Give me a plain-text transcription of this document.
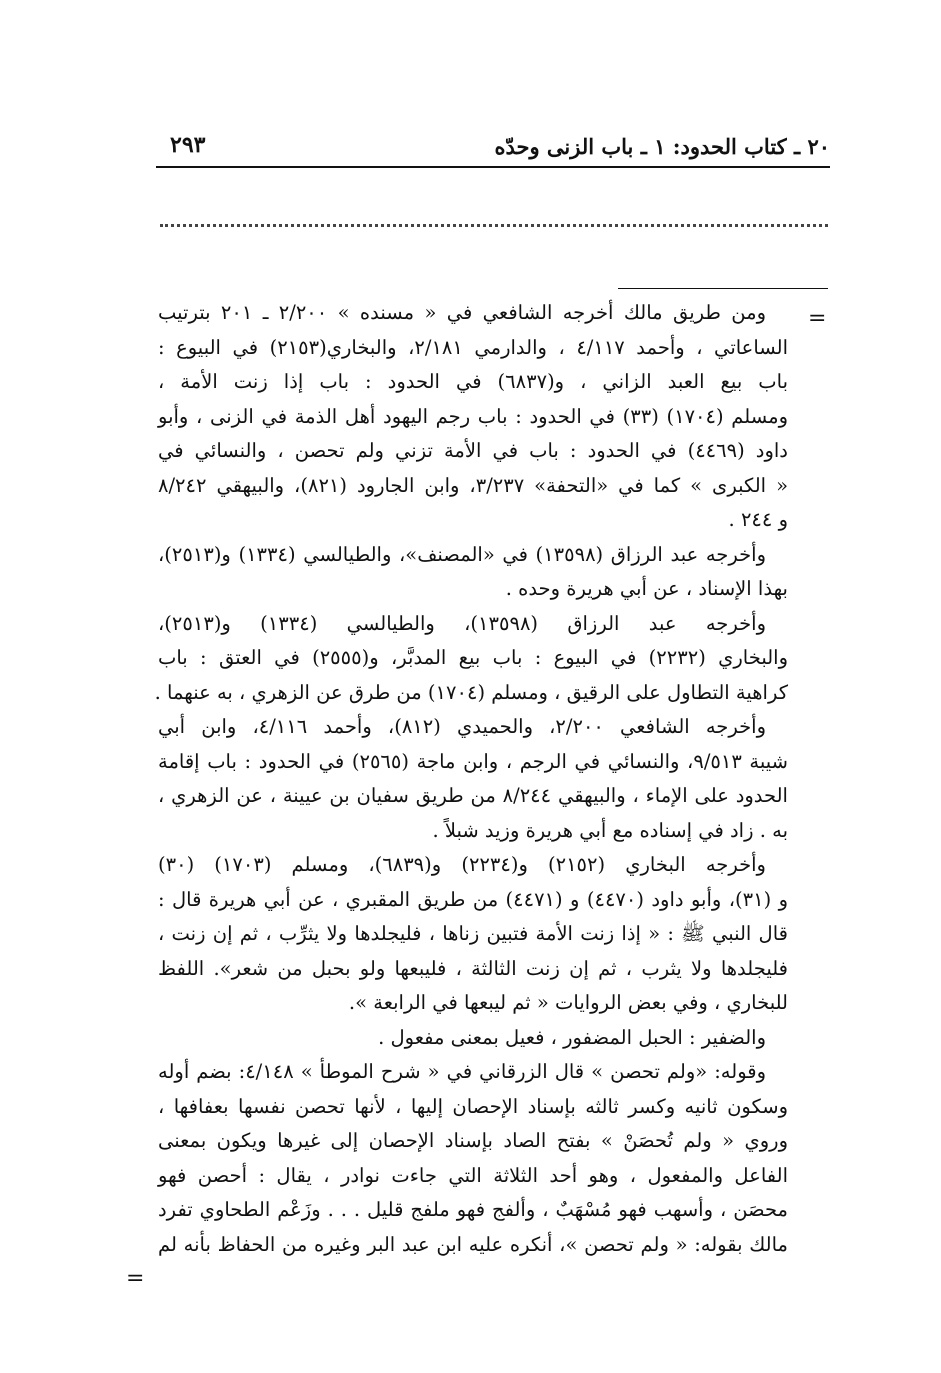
٢٠ ـ كتاب الحدود: ١ ـ باب الزنى وحدّه
٢٩٣
=
=
ومن طريق مالك أخرجه الشافعي في « مسنده » ٢/٢٠٠ ـ ٢٠١ بترتيب
الساعاتي ، وأحمد ٤/١١٧ ، والدارمي ٢/١٨١، والبخاري(٢١٥٣) في البيوع :
باب بيع العبد الزاني ، و(٦٨٣٧) في الحدود : باب إذا زنت الأمة ،
ومسلم (١٧٠٤) (٣٣) في الحدود : باب رجم اليهود أهل الذمة في الزنى ، وأبو
داود (٤٤٦٩) في الحدود : باب في الأمة تزني ولم تحصن ، والنسائي في
« الكبرى » كما في «التحفة» ٣/٢٣٧، وابن الجارود (٨٢١)، والبيهقي ٨/٢٤٢
و ٢٤٤ .
وأخرجه عبد الرزاق (١٣٥٩٨) في «المصنف»، والطيالسي (١٣٣٤) و(٢٥١٣)،
بهذا الإسناد ، عن أبي هريرة وحده .
وأخرجه عبد الرزاق (١٣٥٩٨)، والطيالسي (١٣٣٤) و(٢٥١٣)،
والبخاري (٢٢٣٢) في البيوع : باب بيع المدبَّر، و(٢٥٥٥) في العتق : باب
كراهية التطاول على الرقيق ، ومسلم (١٧٠٤) من طرق عن الزهري ، به عنهما .
وأخرجه الشافعي ٢/٢٠٠، والحميدي (٨١٢)، وأحمد ٤/١١٦، وابن أبي
شيبة ٩/٥١٣، والنسائي في الرجم ، وابن ماجة (٢٥٦٥) في الحدود : باب إقامة
الحدود على الإماء ، والبيهقي ٨/٢٤٤ من طريق سفيان بن عيينة ، عن الزهري ،
به . زاد في إسناده مع أبي هريرة وزيد شبلاً .
وأخرجه البخاري (٢١٥٢) و(٢٢٣٤) و(٦٨٣٩)، ومسلم (١٧٠٣) (٣٠)
و (٣١)، وأبو داود (٤٤٧٠) و (٤٤٧١) من طريق المقبري ، عن أبي هريرة قال :
قال النبي ﷺ : « إذا زنت الأمة فتبين زناها ، فليجلدها ولا يثرِّب ، ثم إن زنت ،
فليجلدها ولا يثرب ، ثم إن زنت الثالثة ، فليبعها ولو بحبل من شعر». اللفظ
للبخاري ، وفي بعض الروايات « ثم ليبعها في الرابعة ».
والضفير : الحبل المضفور ، فعيل بمعنى مفعول .
وقوله: «ولم تحصن » قال الزرقاني في « شرح الموطأ » ٤/١٤٨: بضم أوله
وسكون ثانيه وكسر ثالثه بإسناد الإحصان إليها ، لأنها تحصن نفسها بعفافها ،
وروي « ولم تُحصَنْ » بفتح الصاد بإسناد الإحصان إلى غيرها ويكون بمعنى
الفاعل والمفعول ، وهو أحد الثلاثة التي جاءت نوادر ، يقال : أحصن فهو
محصَن ، وأسهب فهو مُسْهَبٌ ، وألفج فهو ملفج قليل . . . وزَعْم الطحاوي تفرد
مالك بقوله: « ولم تحصن »، أنكره عليه ابن عبد البر وغيره من الحفاظ بأنه لم
